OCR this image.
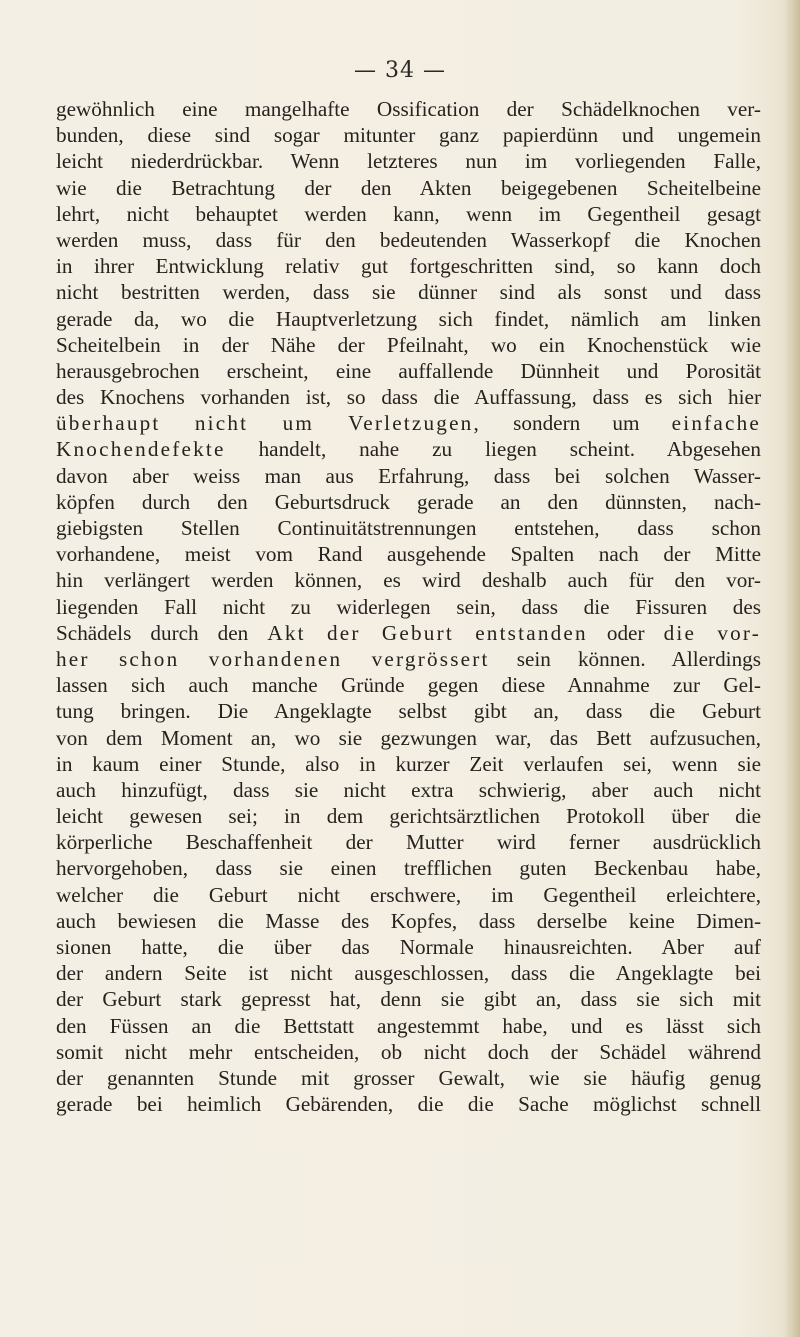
— 34 —
gewöhnlich eine mangelhafte Ossification der Schädelknochen ver-
bunden, diese sind sogar mitunter ganz papierdünn und ungemein
leicht niederdrückbar. Wenn letzteres nun im vorliegenden Falle,
wie die Betrachtung der den Akten beigegebenen Scheitelbeine
lehrt, nicht behauptet werden kann, wenn im Gegentheil gesagt
werden muss, dass für den bedeutenden Wasserkopf die Knochen
in ihrer Entwicklung relativ gut fortgeschritten sind, so kann doch
nicht bestritten werden, dass sie dünner sind als sonst und dass
gerade da, wo die Hauptverletzung sich findet, nämlich am linken
Scheitelbein in der Nähe der Pfeilnaht, wo ein Knochenstück wie
herausgebrochen erscheint, eine auffallende Dünnheit und Porosität
des Knochens vorhanden ist, so dass die Auffassung, dass es sich hier
überhaupt nicht um Verletzugen, sondern um einfache
Knochendefekte handelt, nahe zu liegen scheint. Abgesehen
davon aber weiss man aus Erfahrung, dass bei solchen Wasser-
köpfen durch den Geburtsdruck gerade an den dünnsten, nach-
giebigsten Stellen Continuitätstrennungen entstehen, dass schon
vorhandene, meist vom Rand ausgehende Spalten nach der Mitte
hin verlängert werden können, es wird deshalb auch für den vor-
liegenden Fall nicht zu widerlegen sein, dass die Fissuren des
Schädels durch den Akt der Geburt entstanden oder die vor-
her schon vorhandenen vergrössert sein können. Allerdings
lassen sich auch manche Gründe gegen diese Annahme zur Gel-
tung bringen. Die Angeklagte selbst gibt an, dass die Geburt
von dem Moment an, wo sie gezwungen war, das Bett aufzusuchen,
in kaum einer Stunde, also in kurzer Zeit verlaufen sei, wenn sie
auch hinzufügt, dass sie nicht extra schwierig, aber auch nicht
leicht gewesen sei; in dem gerichtsärztlichen Protokoll über die
körperliche Beschaffenheit der Mutter wird ferner ausdrücklich
hervorgehoben, dass sie einen trefflichen guten Beckenbau habe,
welcher die Geburt nicht erschwere, im Gegentheil erleichtere,
auch bewiesen die Masse des Kopfes, dass derselbe keine Dimen-
sionen hatte, die über das Normale hinausreichten. Aber auf
der andern Seite ist nicht ausgeschlossen, dass die Angeklagte bei
der Geburt stark gepresst hat, denn sie gibt an, dass sie sich mit
den Füssen an die Bettstatt angestemmt habe, und es lässt sich
somit nicht mehr entscheiden, ob nicht doch der Schädel während
der genannten Stunde mit grosser Gewalt, wie sie häufig genug
gerade bei heimlich Gebärenden, die die Sache möglichst schnell
